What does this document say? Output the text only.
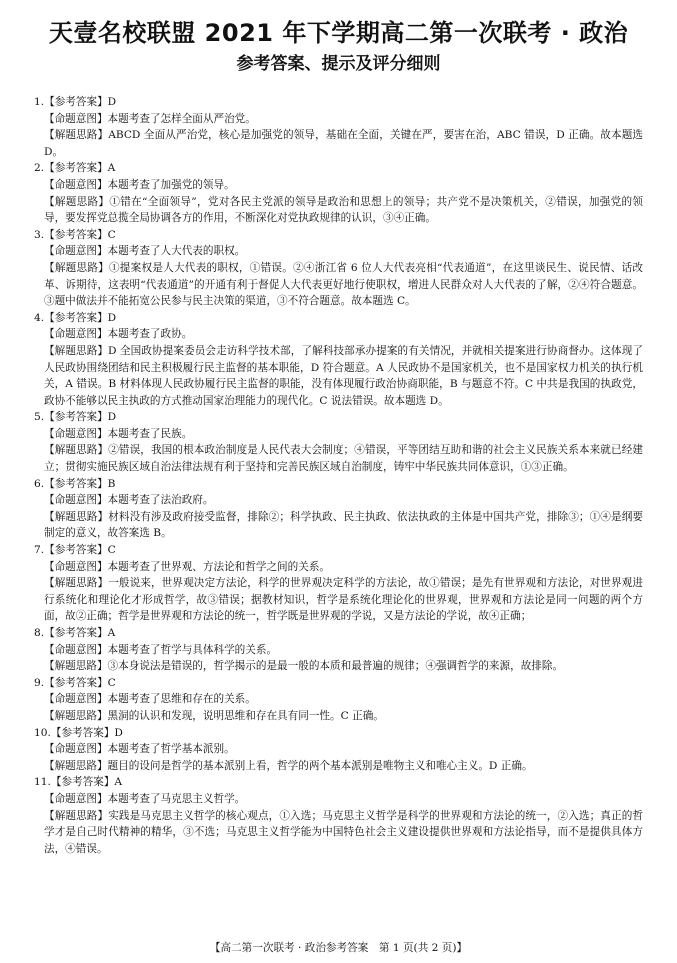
天壹名校联盟 2021 年下学期高二第一次联考 · 政治
参考答案、提示及评分细则

1.【参考答案】D

【命题意图】本题考查了怎样全面从严治党。

【解题思路】ABCD 全面从严治党，核心是加强党的领导，基础在全面，关键在严，要害在治，ABC 错误，D 正确。故本题选 D。

2.【参考答案】A

【命题意图】本题考查了加强党的领导。

【解题思路】①错在“全面领导”，党对各民主党派的领导是政治和思想上的领导；共产党不是决策机关，②错误，加强党的领导，要发挥党总揽全局协调各方的作用，不断深化对党执政规律的认识，③④正确。

3.【参考答案】C

【命题意图】本题考查了人大代表的职权。

【解题思路】①提案权是人大代表的职权，①错误。②④浙江省 6 位人大代表亮相“代表通道”，在这里谈民生、说民情、话改革、诉期待，这表明“代表通道”的开通有利于督促人大代表更好地行使职权，增进人民群众对人大代表的了解，②④符合题意。③题中做法并不能拓宽公民参与民主决策的渠道，③不符合题意。故本题选 C。

4.【参考答案】D

【命题意图】本题考查了政协。

【解题思路】D 全国政协提案委员会走访科学技术部，了解科技部承办提案的有关情况，并就相关提案进行协商督办。这体现了人民政协围绕团结和民主积极履行民主监督的基本职能，D 符合题意。A 人民政协不是国家机关，也不是国家权力机关的执行机关，A 错误。B 材料体现人民政协履行民主监督的职能，没有体现履行政治协商职能，B 与题意不符。C 中共是我国的执政党，政协不能够以民主执政的方式推动国家治理能力的现代化。C 说法错误。故本题选 D。

5.【参考答案】D

【命题意图】本题考查了民族。

【解题思路】②错误，我国的根本政治制度是人民代表大会制度；④错误，平等团结互助和谐的社会主义民族关系本来就已经建立；贯彻实施民族区域自治法律法规有利于坚持和完善民族区域自治制度，铸牢中华民族共同体意识，①③正确。

6.【参考答案】B

【命题意图】本题考查了法治政府。

【解题思路】材料没有涉及政府接受监督，排除②；科学执政、民主执政、依法执政的主体是中国共产党，排除③；①④是纲要制定的意义，故答案选 B。

7.【参考答案】C

【命题意图】本题考查了世界观、方法论和哲学之间的关系。

【解题思路】一般说来，世界观决定方法论，科学的世界观决定科学的方法论，故①错误；是先有世界观和方法论，对世界观进行系统化和理论化才形成哲学，故③错误；据教材知识，哲学是系统化理论化的世界观，世界观和方法论是同一问题的两个方面，故②正确；哲学是世界观和方法论的统一，哲学既是世界观的学说，又是方法论的学说，故④正确；

8.【参考答案】A

【命题意图】本题考查了哲学与具体科学的关系。

【解题思路】③本身说法是错误的，哲学揭示的是最一般的本质和最普遍的规律；④强调哲学的来源，故排除。

9.【参考答案】C

【命题意图】本题考查了思维和存在的关系。

【解题思路】黑洞的认识和发现，说明思维和存在具有同一性。C 正确。

10.【参考答案】D

【命题意图】本题考查了哲学基本派别。

【解题思路】题目的设问是哲学的基本派别上看，哲学的两个基本派别是唯物主义和唯心主义。D 正确。

11.【参考答案】A

【命题意图】本题考查了马克思主义哲学。

【解题思路】实践是马克思主义哲学的核心观点，①入选；马克思主义哲学是科学的世界观和方法论的统一，②入选；真正的哲学才是自己时代精神的精华，③不选；马克思主义哲学能为中国特色社会主义建设提供世界观和方法论指导，而不是提供具体方法，④错误。

【高二第一次联考 · 政治参考答案　第 1 页(共 2 页)】
